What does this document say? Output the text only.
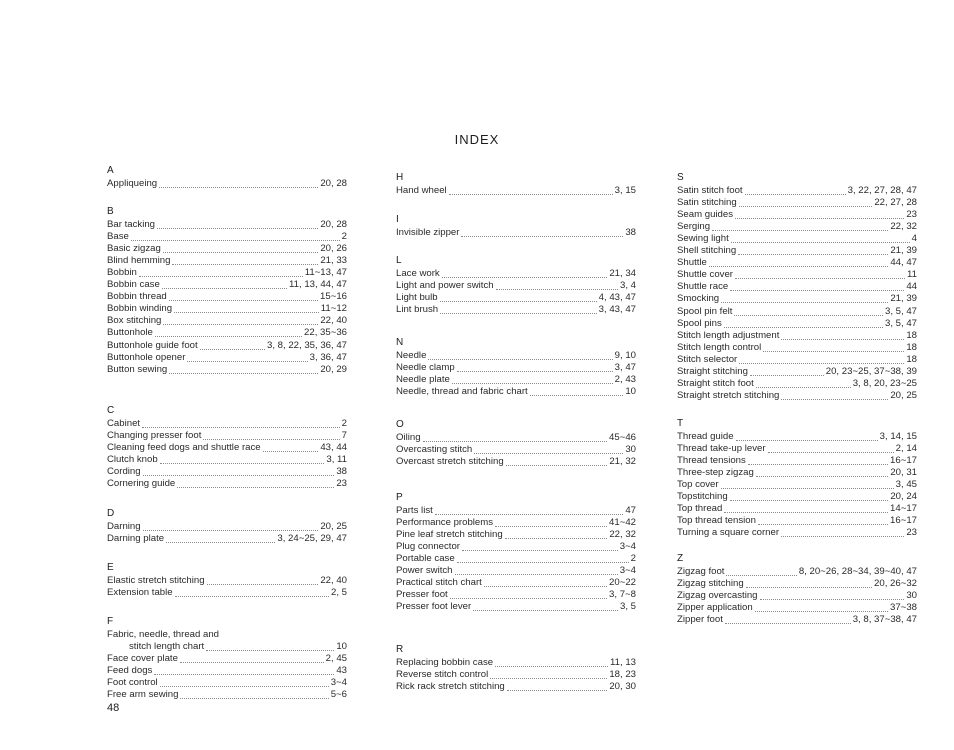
INDEX
A
Appliqueing	20, 28
B
Bar tacking	20, 28
Base	2
Basic zigzag	20, 26
Blind hemming	21, 33
Bobbin	11~13, 47
Bobbin case	11, 13, 44, 47
Bobbin thread	15~16
Bobbin winding	11~12
Box stitching	22, 40
Buttonhole	22, 35~36
Buttonhole guide foot	3, 8, 22, 35, 36, 47
Buttonhole opener	3, 36, 47
Button sewing	20, 29
C
Cabinet	2
Changing presser foot	7
Cleaning feed dogs and shuttle race	43, 44
Clutch knob	3, 11
Cording	38
Cornering guide	23
D
Darning	20, 25
Darning plate	3, 24~25, 29, 47
E
Elastic stretch stitching	22, 40
Extension table	2, 5
F
Fabric, needle, thread and
stitch length chart	10
Face cover plate	2, 45
Feed dogs	43
Foot control	3~4
Free arm sewing	5~6
H
Hand wheel	3, 15
I
Invisible zipper	38
L
Lace work	21, 34
Light and power switch	3, 4
Light bulb	4, 43, 47
Lint brush	3, 43, 47
N
Needle	9, 10
Needle clamp	3, 47
Needle plate	2, 43
Needle, thread and fabric chart	10
O
Oiling	45~46
Overcasting stitch	30
Overcast stretch stitching	21, 32
P
Parts list	47
Performance problems	41~42
Pine leaf stretch stitching	22, 32
Plug connector	3~4
Portable case	2
Power switch	3~4
Practical stitch chart	20~22
Presser foot	3, 7~8
Presser foot lever	3, 5
R
Replacing bobbin case	11, 13
Reverse stitch control	18, 23
Rick rack stretch stitching	20, 30
S
Satin stitch foot	3, 22, 27, 28, 47
Satin stitching	22, 27, 28
Seam guides	23
Serging	22, 32
Sewing light	4
Shell stitching	21, 39
Shuttle	44, 47
Shuttle cover	11
Shuttle race	44
Smocking	21, 39
Spool pin felt	3, 5, 47
Spool pins	3, 5, 47
Stitch length adjustment	18
Stitch length control	18
Stitch selector	18
Straight stitching	20, 23~25, 37~38, 39
Straight stitch foot	3, 8, 20, 23~25
Straight stretch stitching	20, 25
T
Thread guide	3, 14, 15
Thread take-up lever	2, 14
Thread tensions	16~17
Three-step zigzag	20, 31
Top cover	3, 45
Topstitching	20, 24
Top thread	14~17
Top thread tension	16~17
Turning a square corner	23
Z
Zigzag foot	8, 20~26, 28~34, 39~40, 47
Zigzag stitching	20, 26~32
Zigzag overcasting	30
Zipper application	37~38
Zipper foot	3, 8, 37~38, 47
48
